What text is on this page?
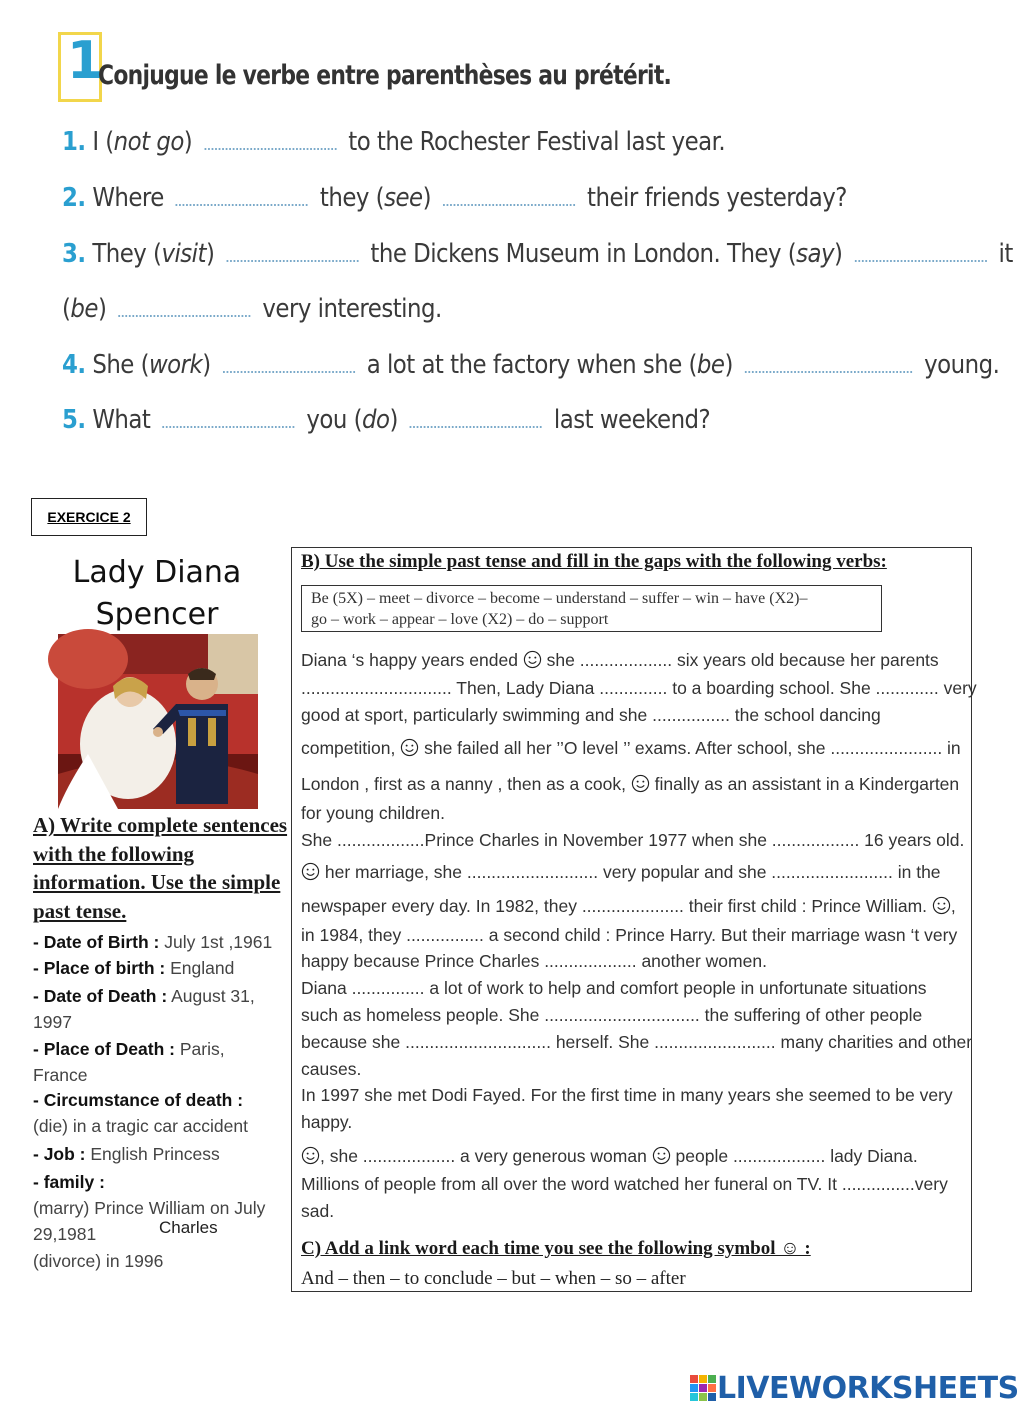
1
Conjugue le verbe entre parenthèses au prétérit.
1. I (not go)	to the Rochester Festival last year.
2. Where	they (see)	their friends yesterday?
3. They (visit)	the Dickens Museum in London. They (say)	it
(be)	very interesting.
4. She (work)	a lot at the factory when she (be)	young.
5. What	you (do)	last weekend?
EXERCICE 2
Lady Diana
Spencer
A) Write complete sentences with the following information. Use the simple past tense.
- Date of Birth : July 1st ,1961
- Place of birth : England
- Date of Death : August 31, 1997
- Place of Death : Paris, France
- Circumstance of death :
(die) in a tragic car accident
- Job : English Princess
- family :
(marry) Prince William on July 29,1981
(divorce) in 1996
Charles
B) Use the simple past tense and fill in the gaps with the following verbs:
Be (5X) – meet – divorce – become – understand – suffer – win – have (X2)–
go – work – appear – love (X2) – do – support
Diana ‘s happy years ended  she ................... six years old because her parents
............................... Then, Lady Diana .............. to a boarding school. She ............. very
good at sport, particularly swimming and she ................ the school dancing
competition,  she failed all her ’’O level ’’ exams. After school, she ....................... in
London , first as a nanny , then as a cook,  finally as an assistant in a Kindergarten
for young children.
She ..................Prince Charles in November 1977 when she .................. 16 years old.
her marriage, she ........................... very popular and she ......................... in the
newspaper every day. In 1982, they ..................... their first child : Prince William. ,
in 1984, they ................ a second child : Prince Harry. But their marriage wasn ‘t very
happy because Prince Charles ................... another women.
Diana ............... a lot of work to help and comfort people in unfortunate situations
such as homeless people. She ................................ the suffering of other people
because she .............................. herself. She ......................... many charities and other
causes.
In 1997 she met Dodi Fayed. For the first time in many years she seemed to be very
happy.
, she ................... a very generous woman  people ................... lady Diana.
Millions of people from all over the word watched her funeral on TV. It ...............very
sad.
C) Add a link word each time you see the following symbol ☺ :
And – then – to conclude – but – when – so – after
LIVEWORKSHEETS
